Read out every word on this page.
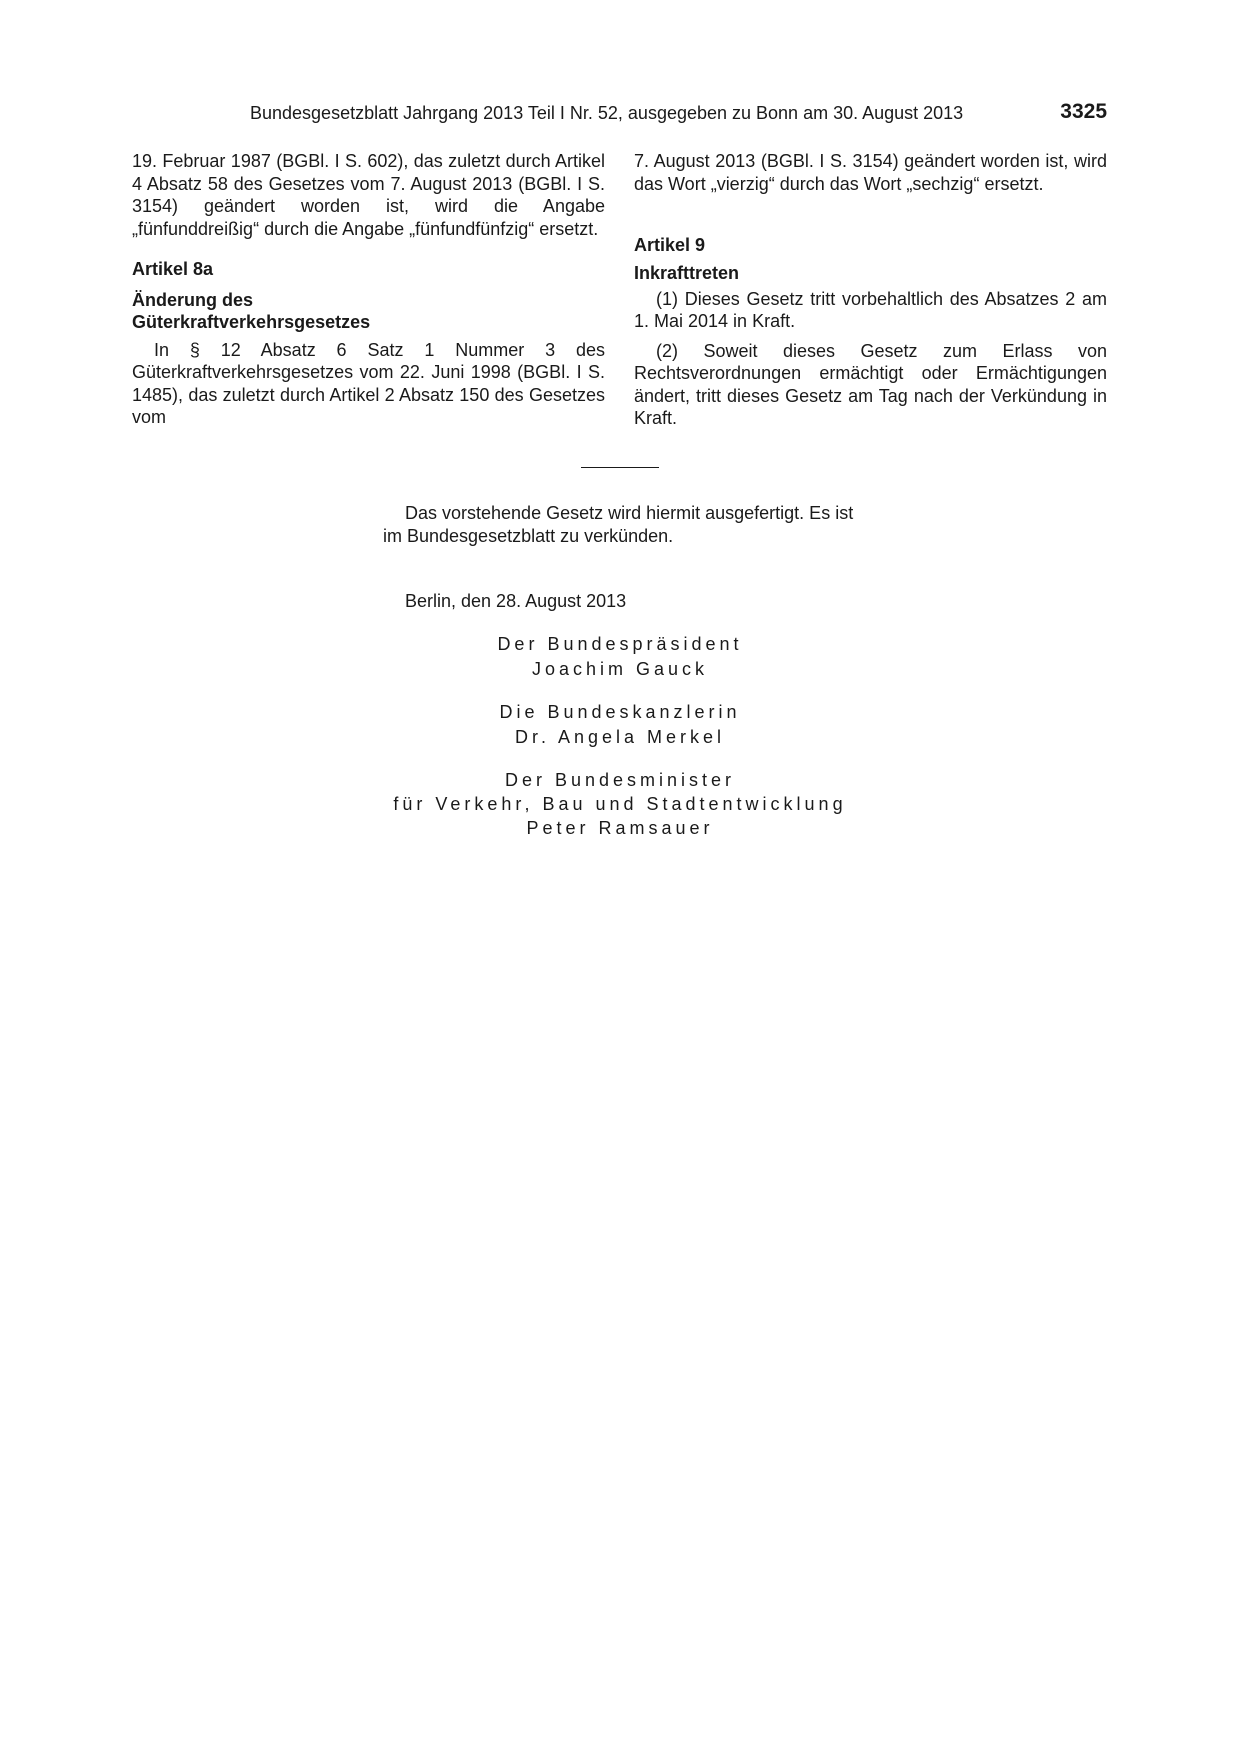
Bundesgesetzblatt Jahrgang 2013 Teil I Nr. 52, ausgegeben zu Bonn am 30. August 2013	3325

19. Februar 1987 (BGBl. I S. 602), das zuletzt durch Artikel 4 Absatz 58 des Gesetzes vom 7. August 2013 (BGBl. I S. 3154) geändert worden ist, wird die Angabe „fünfunddreißig“ durch die Angabe „fünfundfünfzig“ ersetzt.

Artikel 8a

Änderung des

Güterkraftverkehrsgesetzes

In § 12 Absatz 6 Satz 1 Nummer 3 des Güterkraftverkehrsgesetzes vom 22. Juni 1998 (BGBl. I S. 1485), das zuletzt durch Artikel 2 Absatz 150 des Gesetzes vom

7. August 2013 (BGBl. I S. 3154) geändert worden ist, wird das Wort „vierzig“ durch das Wort „sechzig“ ersetzt.

Artikel 9

Inkrafttreten

(1) Dieses Gesetz tritt vorbehaltlich des Absatzes 2 am 1. Mai 2014 in Kraft.

(2) Soweit dieses Gesetz zum Erlass von Rechtsverordnungen ermächtigt oder Ermächtigungen ändert, tritt dieses Gesetz am Tag nach der Verkündung in Kraft.

Das vorstehende Gesetz wird hiermit ausgefertigt. Es ist im Bundesgesetzblatt zu verkünden.

Berlin, den 28. August 2013
Der Bundespräsident
Joachim Gauck
Die Bundeskanzlerin
Dr. Angela Merkel
Der Bundesminister
für Verkehr, Bau und Stadtentwicklung
Peter Ramsauer
